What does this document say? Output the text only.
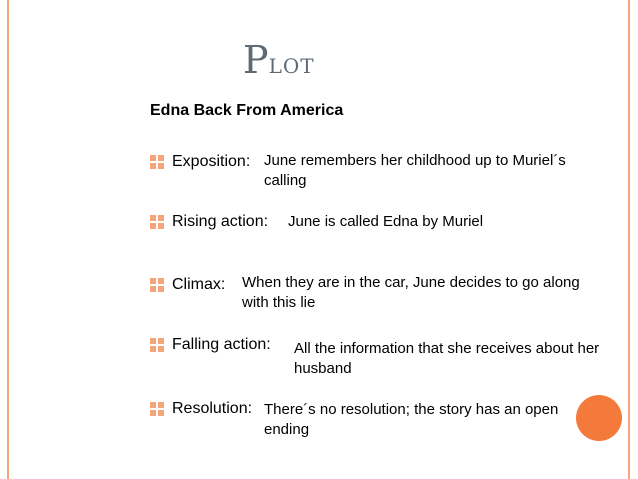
Plot
Edna Back From America
Exposition: June remembers her childhood up to Muriel´s
calling
Rising action: June is called Edna by Muriel
Climax: When they are in the car, June decides to go along
with this lie
Falling action: All the information that she receives about her
husband
Resolution: There´s no resolution; the story has an open
ending
